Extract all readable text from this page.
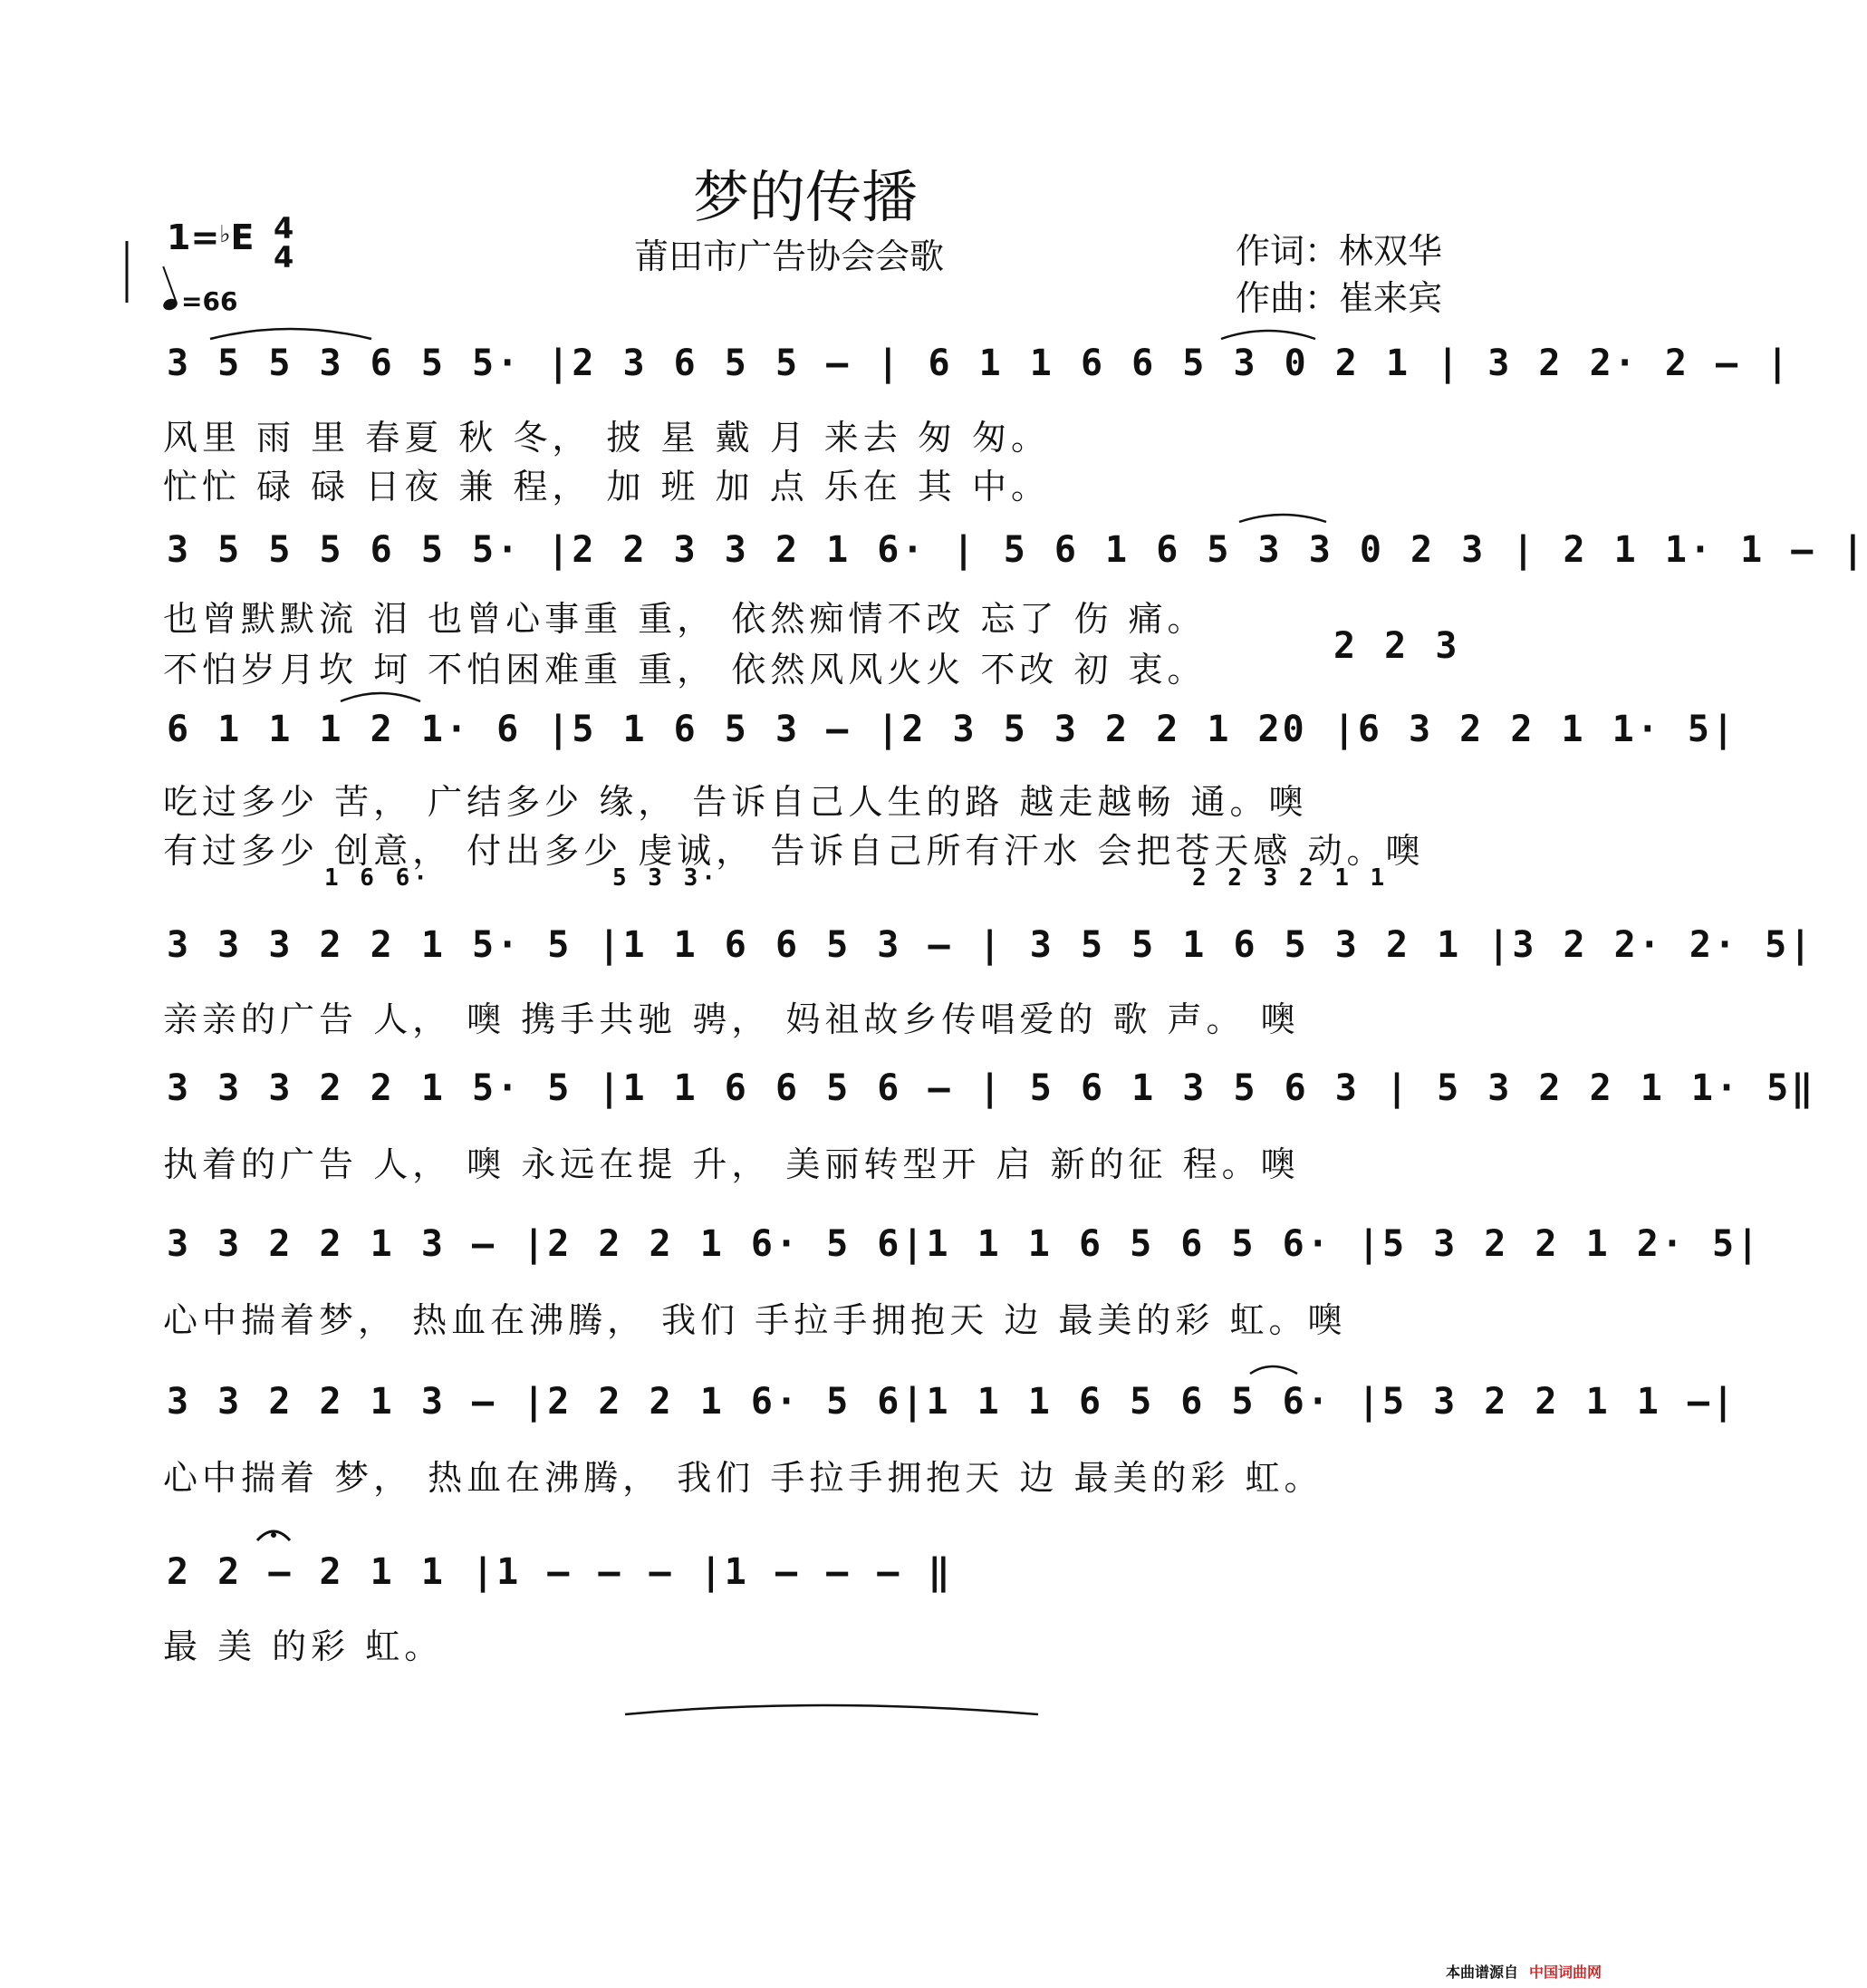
梦的传播
莆田市广告协会会歌	作词：林双华
作曲：崔来宾
1=♭E 4
4
=66
3 5 5 3 6 5 5· |2 3 6 5 5 – | 6 1 1 6 6 5 3 0 2 1 | 3 2 2· 2 – |
风里 雨 里 春夏 秋 冬， 披 星 戴 月 来去 匆 匆。
忙忙 碌 碌 日夜 兼 程， 加 班 加 点 乐在 其 中。
3 5 5 5 6 5 5· |2 2 3 3 2 1 6· | 5 6 1 6 5 3 3 0 2 3 | 2 1 1· 1 – |
也曾默默流 泪 也曾心事重 重， 依然痴情不改 忘了 伤 痛。
不怕岁月坎 坷 不怕困难重 重， 依然风风火火 不改 初 衷。
2 2 3
6 1 1 1 2 1· 6 |5 1 6 5 3 – |2 3 5 3 2 2 1 20 |6 3 2 2 1 1· 5|
吃过多少 苦， 广结多少 缘， 告诉自己人生的路 越走越畅 通。噢
有过多少 创意， 付出多少 虔诚， 告诉自己所有汗水 会把苍天感 动。噢
1 6 6·	5 3 3·	2 2 3 2 1 1
3 3 3 2 2 1 5· 5 |1 1 6 6 5 3 – | 3 5 5 1 6 5 3 2 1 |3 2 2· 2· 5|
亲亲的广告 人， 噢 携手共驰 骋， 妈祖故乡传唱爱的 歌 声。 噢
3 3 3 2 2 1 5· 5 |1 1 6 6 5 6 – | 5 6 1 3 5 6 3 | 5 3 2 2 1 1· 5‖
执着的广告 人， 噢 永远在提 升， 美丽转型开 启 新的征 程。噢
3 3 2 2 1 3 – |2 2 2 1 6· 5 6|1 1 1 6 5 6 5 6· |5 3 2 2 1 2· 5|
心中揣着梦， 热血在沸腾， 我们 手拉手拥抱天 边 最美的彩 虹。噢
3 3 2 2 1 3 – |2 2 2 1 6· 5 6|1 1 1 6 5 6 5 6· |5 3 2 2 1 1 –|
心中揣着 梦， 热血在沸腾， 我们 手拉手拥抱天 边 最美的彩 虹。
2 2 – 2 1 1 |1 – – – |1 – – – ‖
最 美 的彩 虹。
本曲谱源自 中国词曲网
